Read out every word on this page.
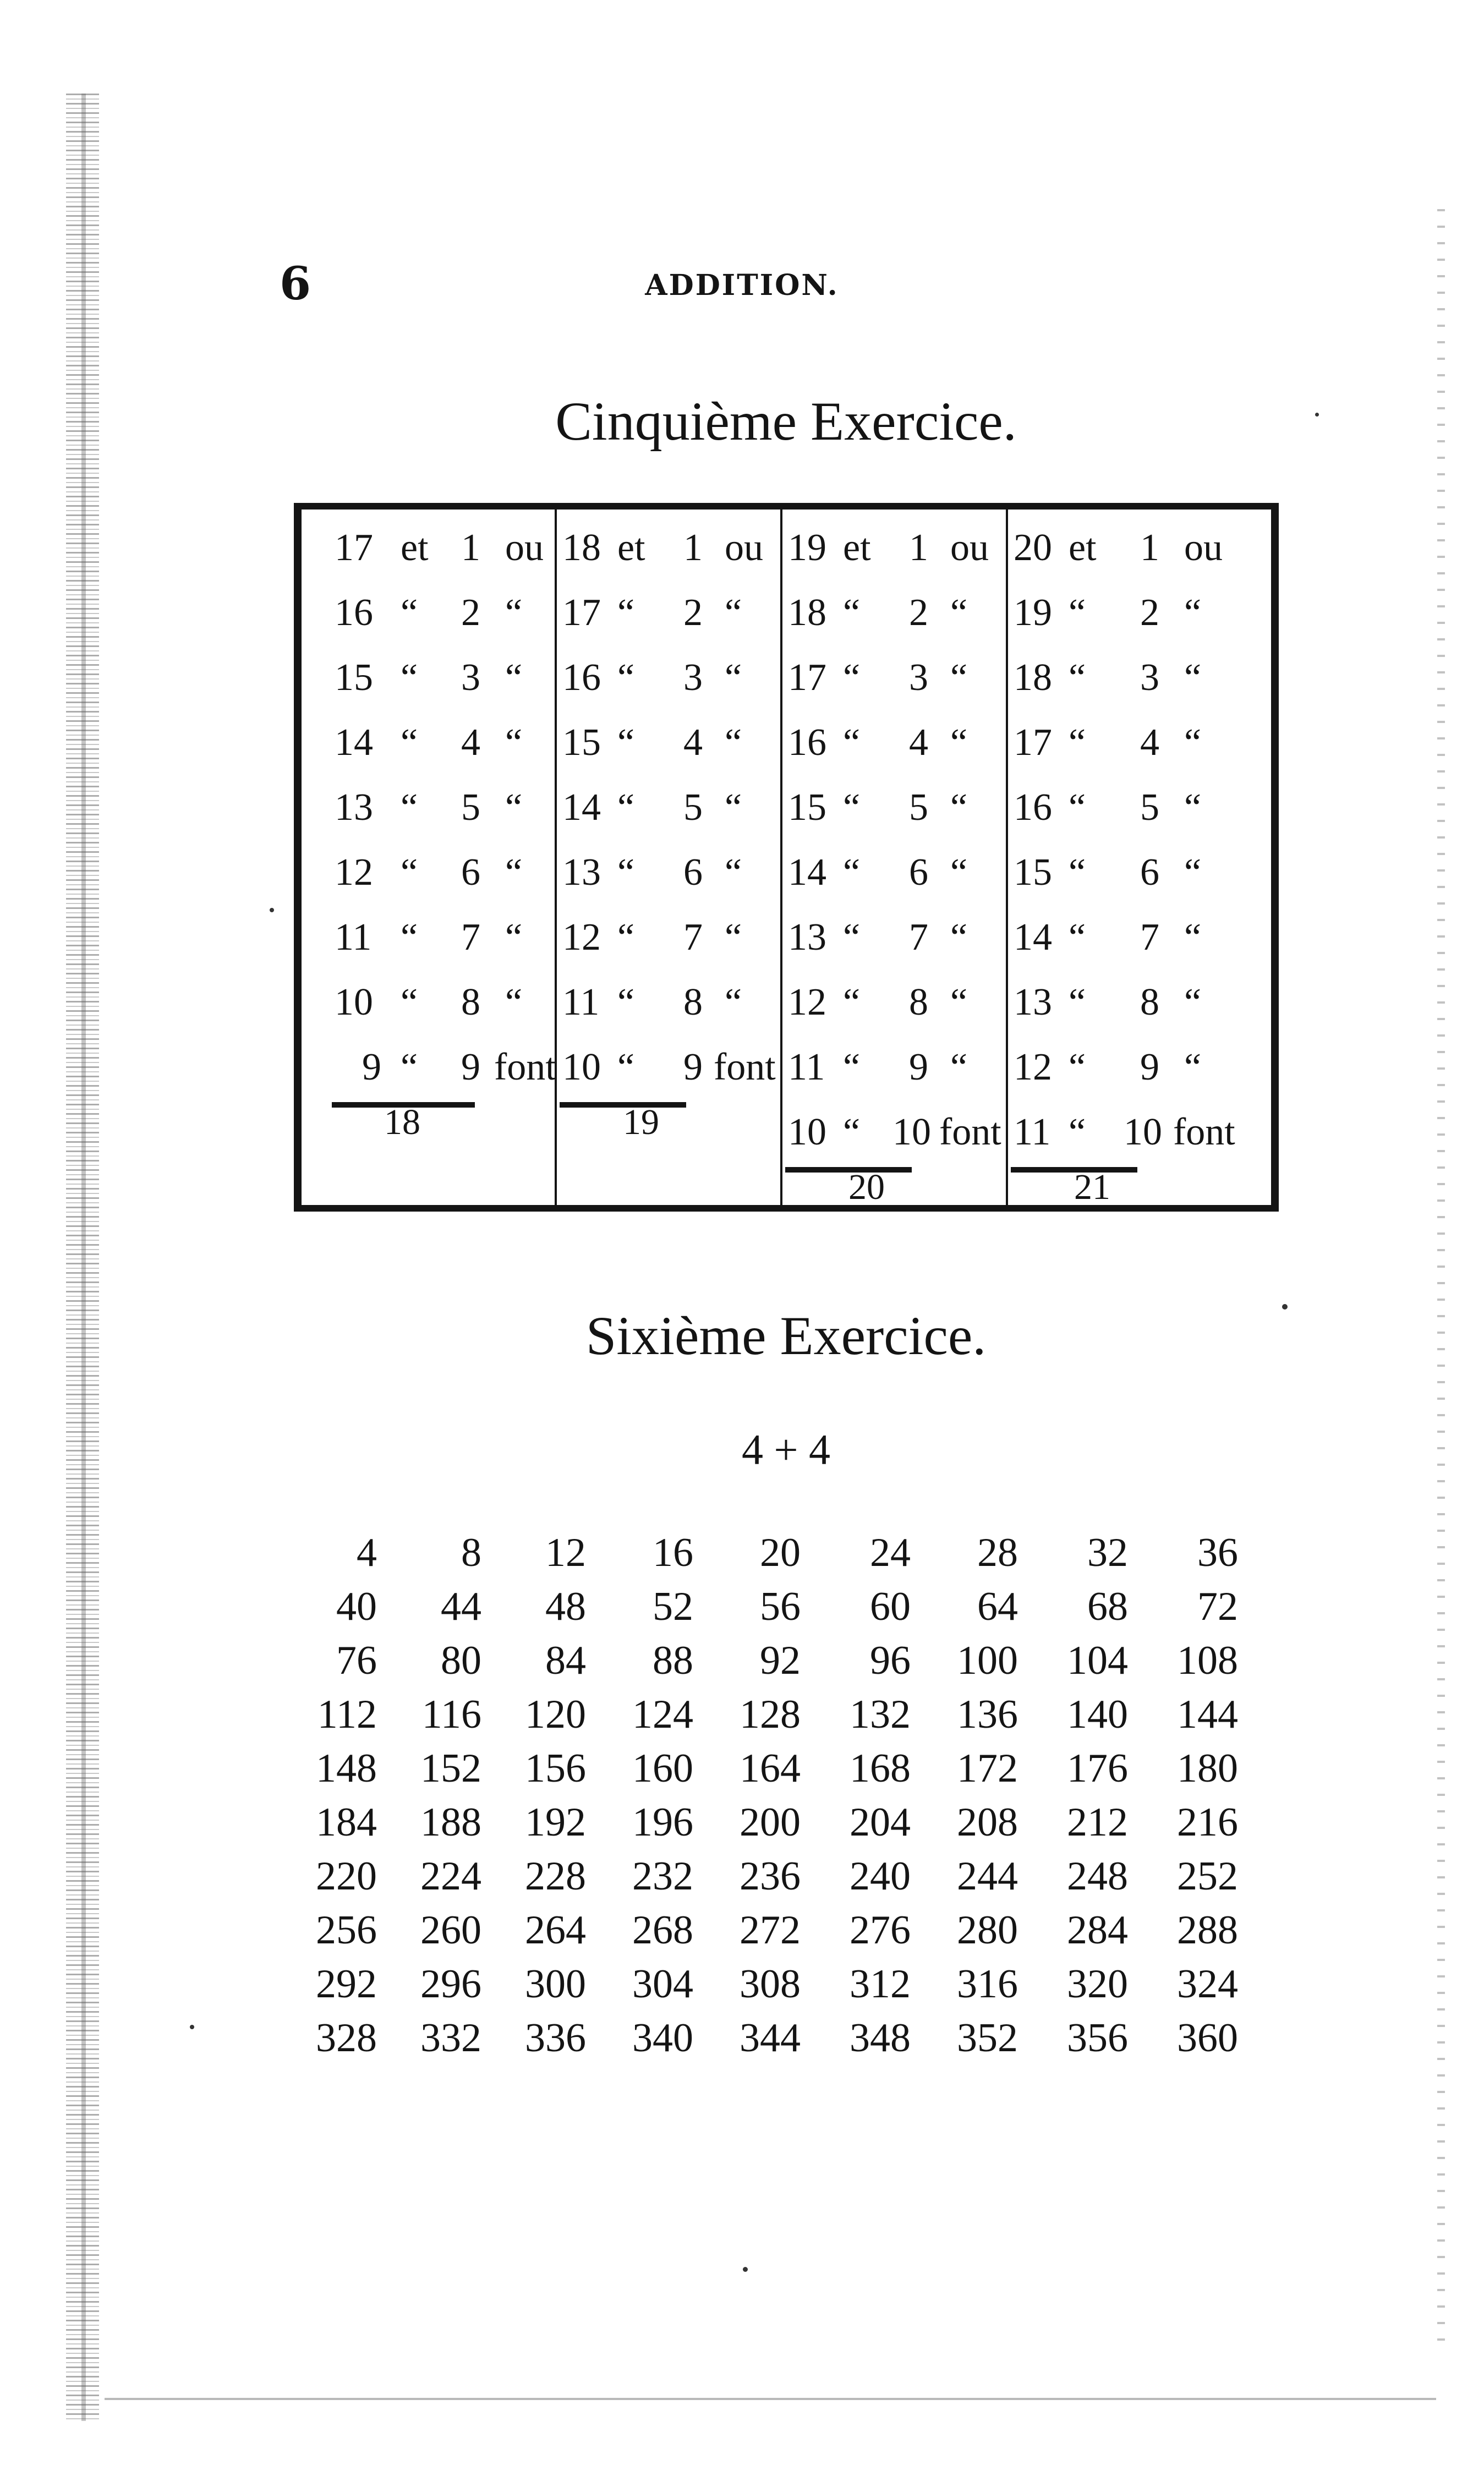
6	ADDITION.
Cinquième Exercice.
17 et 1 ou
16 “ 2 “
15 “ 3 “
14 “ 4 “
13 “ 5 “
12 “ 6 “
11 “ 7 “
10 “ 8 “
9 “ 9 font
18
18 et 1 ou
17 “ 2 “
16 “ 3 “
15 “ 4 “
14 “ 5 “
13 “ 6 “
12 “ 7 “
11 “ 8 “
10 “ 9 font
19
19 et 1 ou
18 “ 2 “
17 “ 3 “
16 “ 4 “
15 “ 5 “
14 “ 6 “
13 “ 7 “
12 “ 8 “
11 “ 9 “
10 “ 10 font
20
20 et 1 ou
19 “ 2 “
18 “ 3 “
17 “ 4 “
16 “ 5 “
15 “ 6 “
14 “ 7 “
13 “ 8 “
12 “ 9 “
11 “ 10 font
21
Sixième Exercice.
4 + 4
4	8	12	16	20	24	28	32	36
40	44	48	52	56	60	64	68	72
76	80	84	88	92	96	100	104	108
112	116	120	124	128	132	136	140	144
148	152	156	160	164	168	172	176	180
184	188	192	196	200	204	208	212	216
220	224	228	232	236	240	244	248	252
256	260	264	268	272	276	280	284	288
292	296	300	304	308	312	316	320	324
328	332	336	340	344	348	352	356	360
